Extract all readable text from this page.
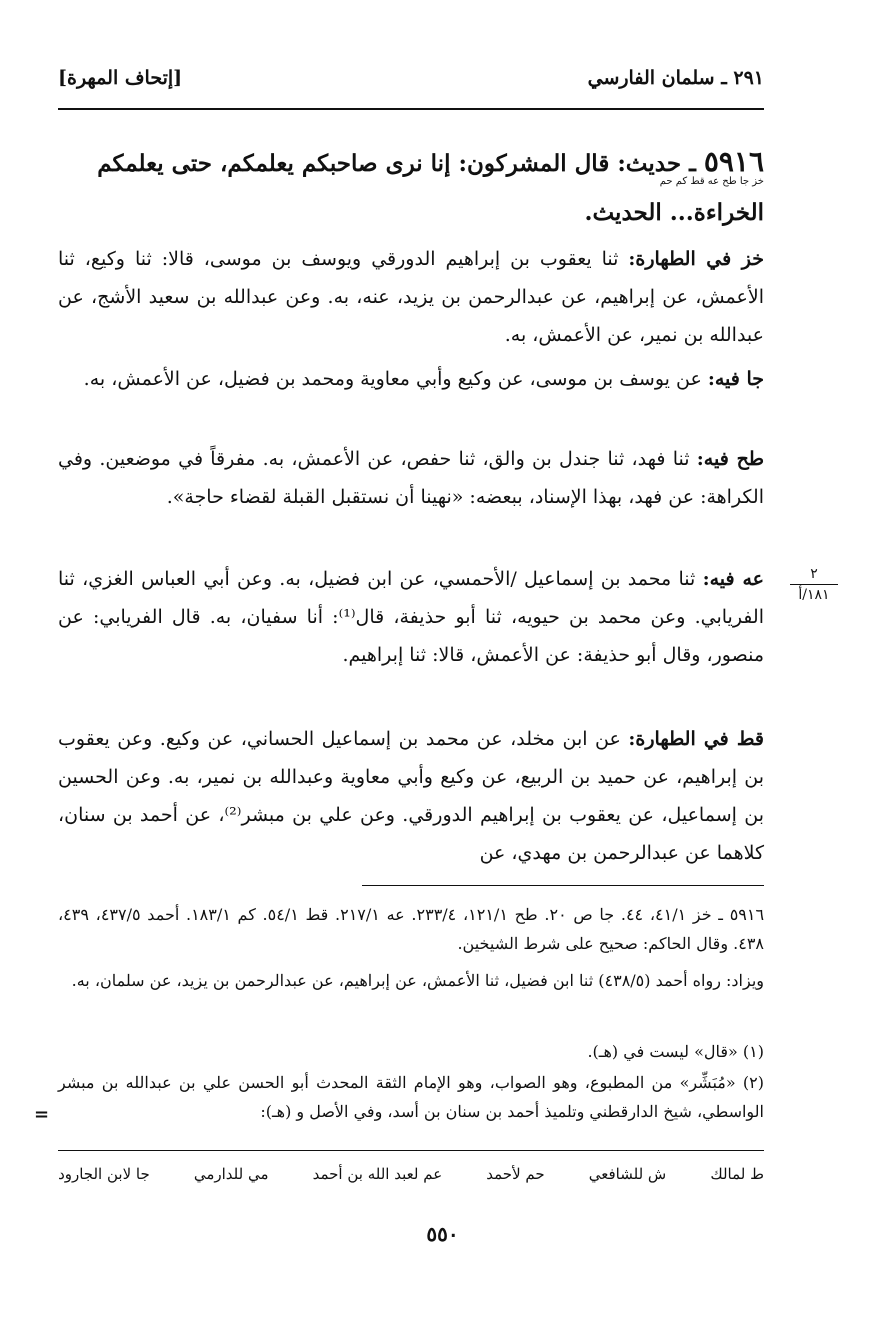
٢٩١ ـ سلمان الفارسي
[إتحاف المهرة]
٥٩١٦ ـ حديث: قال المشركون: إنا نرى صاحبكم يعلمكم، حتى يعلمكم
خز جا طح عه قط كم حم
الخراءة... الحديث.

خز في الطهارة: ثنا يعقوب بن إبراهيم الدورقي ويوسف بن موسى، قالا: ثنا وكيع، ثنا الأعمش، عن إبراهيم، عن عبدالرحمن بن يزيد، عنه، به. وعن عبدالله بن سعيد الأشج، عن عبدالله بن نمير، عن الأعمش، به.

جا فيه: عن يوسف بن موسى، عن وكيع وأبي معاوية ومحمد بن فضيل، عن الأعمش، به.

طح فيه: ثنا فهد، ثنا جندل بن والق، ثنا حفص، عن الأعمش، به. مفرقاً في موضعين. وفي الكراهة: عن فهد، بهذا الإسناد، ببعضه: «نهينا أن نستقبل القبلة لقضاء حاجة».

عه فيه: ثنا محمد بن إسماعيل /الأحمسي، عن ابن فضيل، به. وعن أبي العباس الغزي، ثنا الفريابي. وعن محمد بن حيويه، ثنا أبو حذيفة، قال⁽¹⁾: أنا سفيان، به. قال الفريابي: عن منصور، وقال أبو حذيفة: عن الأعمش، قالا: ثنا إبراهيم.

٢
١٨١/أ

قط في الطهارة: عن ابن مخلد، عن محمد بن إسماعيل الحساني، عن وكيع. وعن يعقوب بن إبراهيم، عن حميد بن الربيع، عن وكيع وأبي معاوية وعبدالله بن نمير، به. وعن الحسين بن إسماعيل، عن يعقوب بن إبراهيم الدورقي. وعن علي بن مبشر⁽²⁾، عن أحمد بن سنان، كلاهما عن عبدالرحمن بن مهدي، عن

٥٩١٦ ـ خز ٤١/١، ٤٤. جا ص ٢٠. طح ١٢١/١، ٢٣٣/٤. عه ٢١٧/١. قط ٥٤/١. كم ١٨٣/١. أحمد ٤٣٧/٥، ٤٣٩، ٤٣٨. وقال الحاكم: صحيح على شرط الشيخين.
ويزاد: رواه أحمد (٤٣٨/٥) ثنا ابن فضيل، ثنا الأعمش، عن إبراهيم، عن عبدالرحمن بن يزيد، عن سلمان، به.
(١) «قال» ليست في (هـ).
(٢) «مُبَشِّر» من المطبوع، وهو الصواب، وهو الإمام الثقة المحدث أبو الحسن علي بن عبدالله بن مبشر الواسطي، شيخ الدارقطني وتلميذ أحمد بن سنان بن أسد، وفي الأصل و (هـ):
=
ط لمالك
ش للشافعي
حم لأحمد
عم لعبد الله بن أحمد
مي للدارمي
جا لابن الجارود
٥٥٠
